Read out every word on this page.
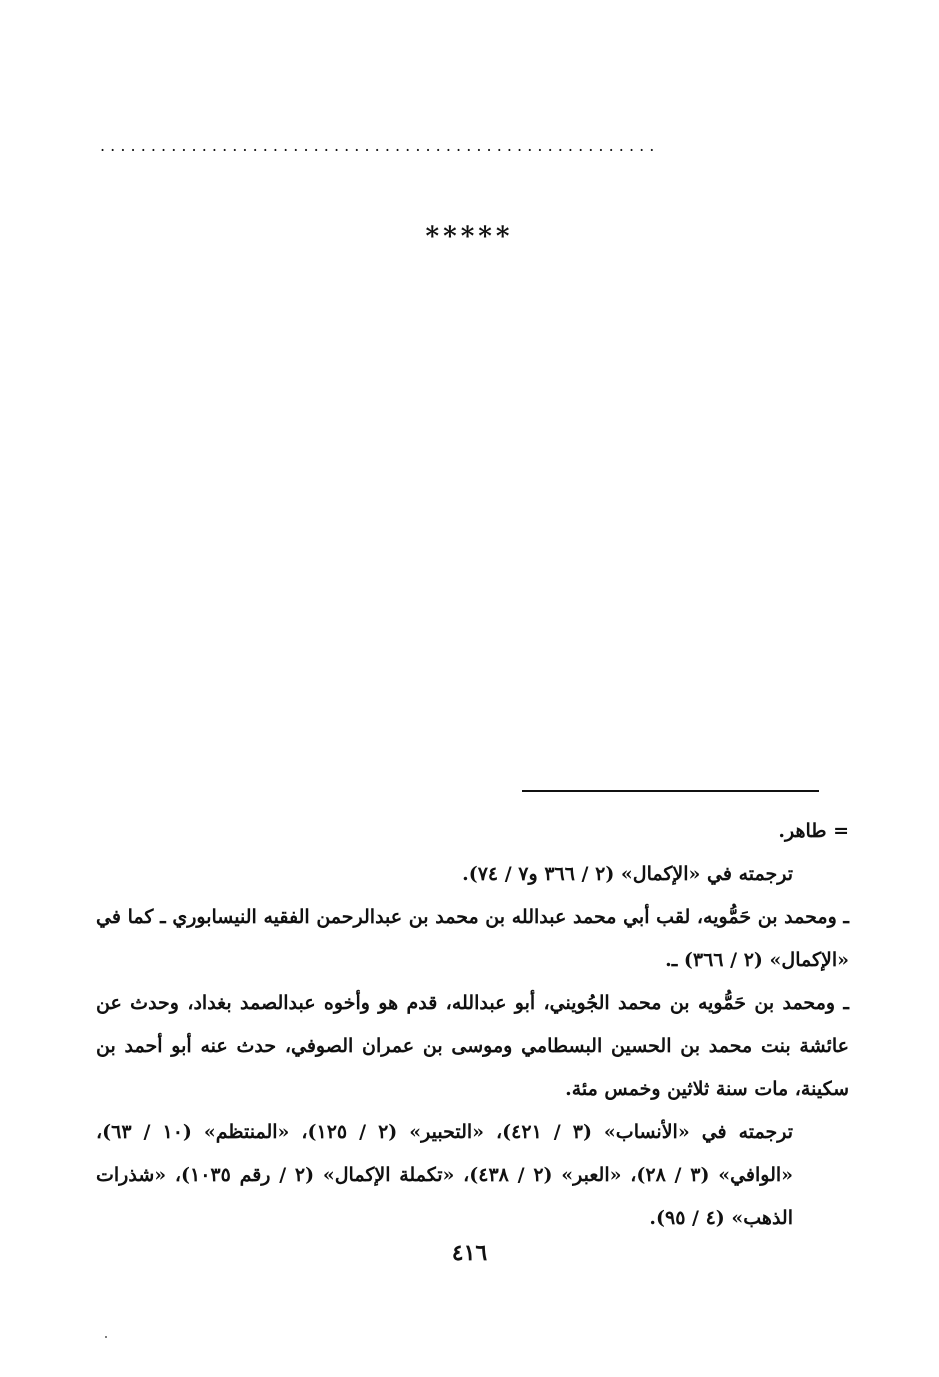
. . . . . . . . . . . . . . . . . . . . . . . . . . . . . . . . . . . . . . . . . . . . . . . . . . . . . . .
*****

= طاهر.

ترجمته في «الإكمال» (٢ / ٣٦٦ و٧ / ٧٤).

ـ ومحمد بن حَمُّويه، لقب أبي محمد عبدالله بن محمد بن عبدالرحمن الفقيه النيسابوري ـ كما في «الإكمال» (٢ / ٣٦٦) ـ.

ـ ومحمد بن حَمُّويه بن محمد الجُويني، أبو عبدالله، قدم هو وأخوه عبدالصمد بغداد، وحدث عن عائشة بنت محمد بن الحسين البسطامي وموسى بن عمران الصوفي، حدث عنه أبو أحمد بن سكينة، مات سنة ثلاثين وخمس مئة.

ترجمته في «الأنساب» (٣ / ٤٢١)، «التحبير» (٢ / ١٢٥)، «المنتظم» (١٠ / ٦٣)، «الوافي» (٣ / ٢٨)، «العبر» (٢ / ٤٣٨)، «تكملة الإكمال» (٢ / رقم ١٠٣٥)، «شذرات الذهب» (٤ / ٩٥).

٤١٦
